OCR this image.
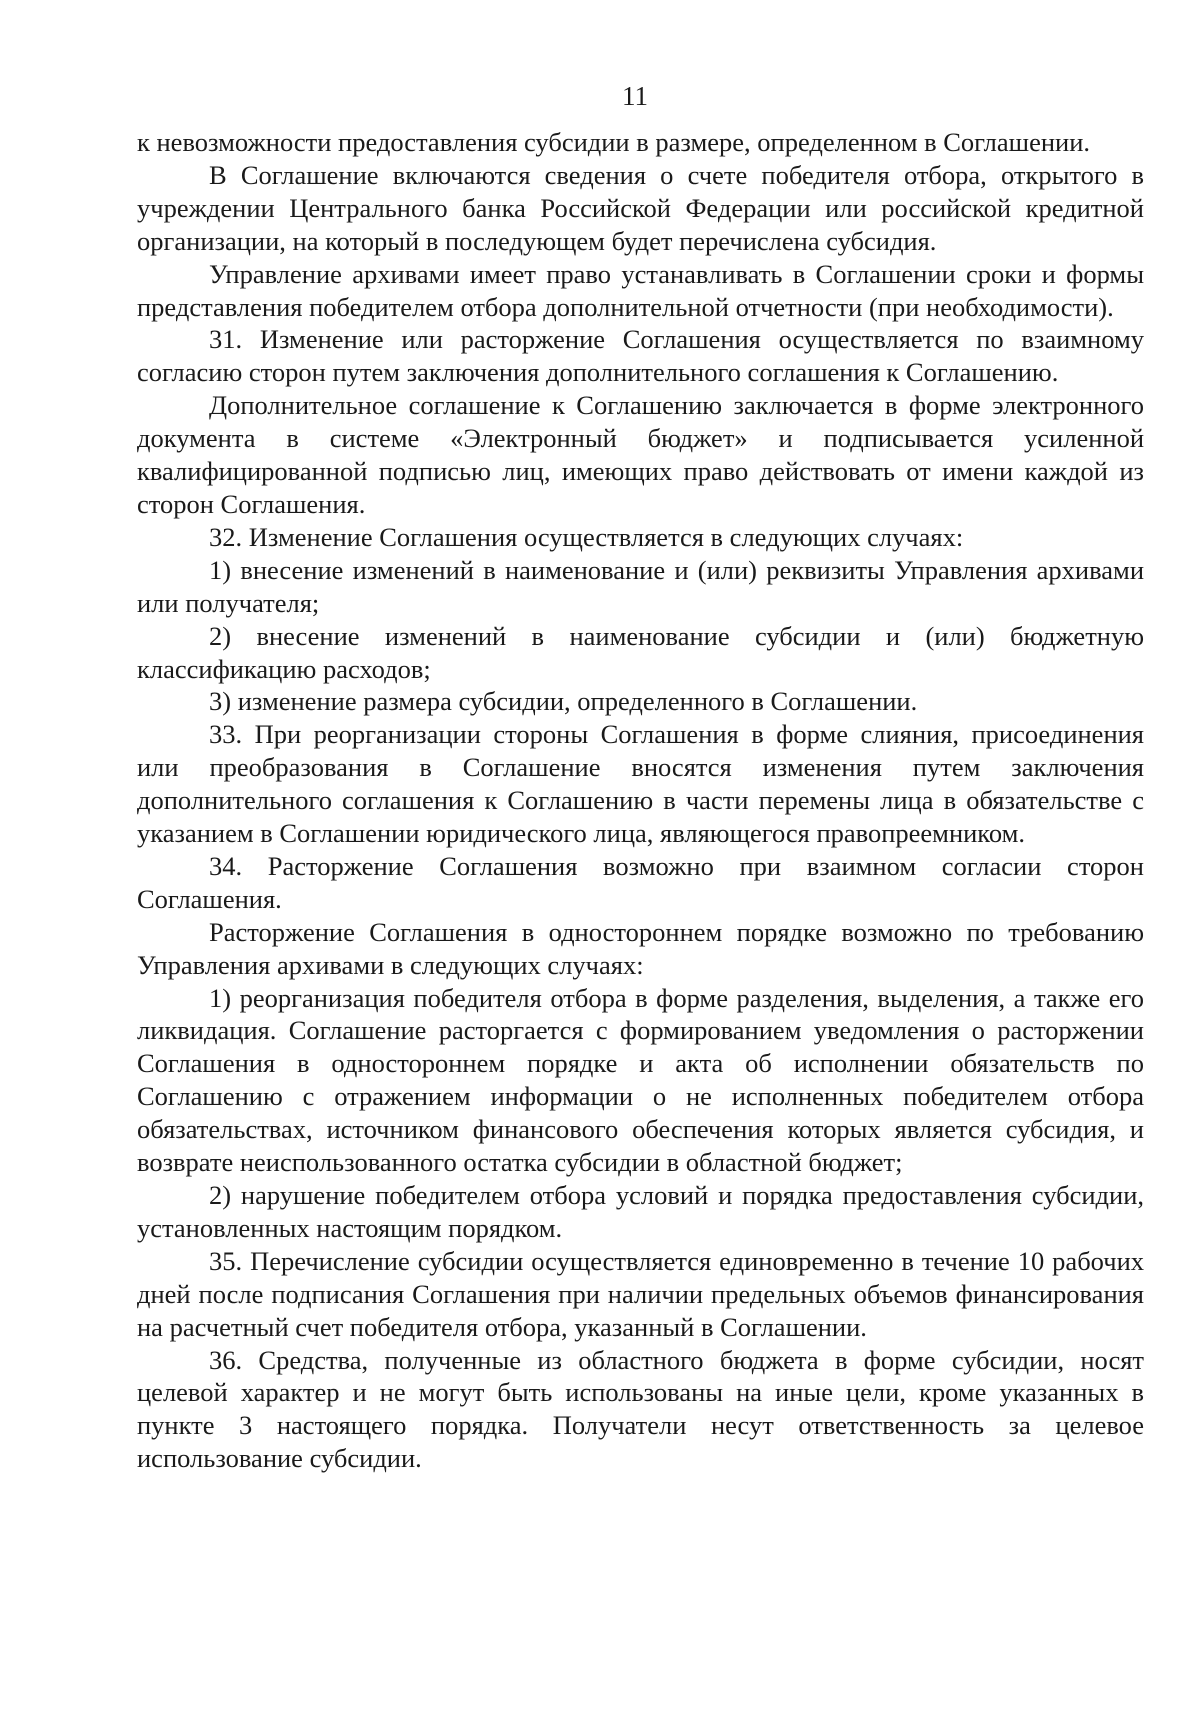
11

к невозможности предоставления субсидии в размере, определенном в Соглашении.

В Соглашение включаются сведения о счете победителя отбора, открытого в учреждении Центрального банка Российской Федерации или российской кредитной организации, на который в последующем будет перечислена субсидия.

Управление архивами имеет право устанавливать в Соглашении сроки и формы представления победителем отбора дополнительной отчетности (при необходимости).

31. Изменение или расторжение Соглашения осуществляется по взаимному согласию сторон путем заключения дополнительного соглашения к Соглашению.

Дополнительное соглашение к Соглашению заключается в форме электронного документа в системе «Электронный бюджет» и подписывается усиленной квалифицированной подписью лиц, имеющих право действовать от имени каждой из сторон Соглашения.

32. Изменение Соглашения осуществляется в следующих случаях:

1) внесение изменений в наименование и (или) реквизиты Управления архивами или получателя;

2) внесение изменений в наименование субсидии и (или) бюджетную классификацию расходов;

3) изменение размера субсидии, определенного в Соглашении.

33. При реорганизации стороны Соглашения в форме слияния, присоединения или преобразования в Соглашение вносятся изменения путем заключения дополнительного соглашения к Соглашению в части перемены лица в обязательстве с указанием в Соглашении юридического лица, являющегося правопреемником.

34. Расторжение Соглашения возможно при взаимном согласии сторон Соглашения.

Расторжение Соглашения в одностороннем порядке возможно по требованию Управления архивами в следующих случаях:

1) реорганизация победителя отбора в форме разделения, выделения, а также его ликвидация. Соглашение расторгается с формированием уведомления о расторжении Соглашения в одностороннем порядке и акта об исполнении обязательств по Соглашению с отражением информации о не исполненных победителем отбора обязательствах, источником финансового обеспечения которых является субсидия, и возврате неиспользованного остатка субсидии в областной бюджет;

2) нарушение победителем отбора условий и порядка предоставления субсидии, установленных настоящим порядком.

35. Перечисление субсидии осуществляется единовременно в течение 10 рабочих дней после подписания Соглашения при наличии предельных объемов финансирования на расчетный счет победителя отбора, указанный в Соглашении.

36. Средства, полученные из областного бюджета в форме субсидии, носят целевой характер и не могут быть использованы на иные цели, кроме указанных в пункте 3 настоящего порядка. Получатели несут ответственность за целевое использование субсидии.
